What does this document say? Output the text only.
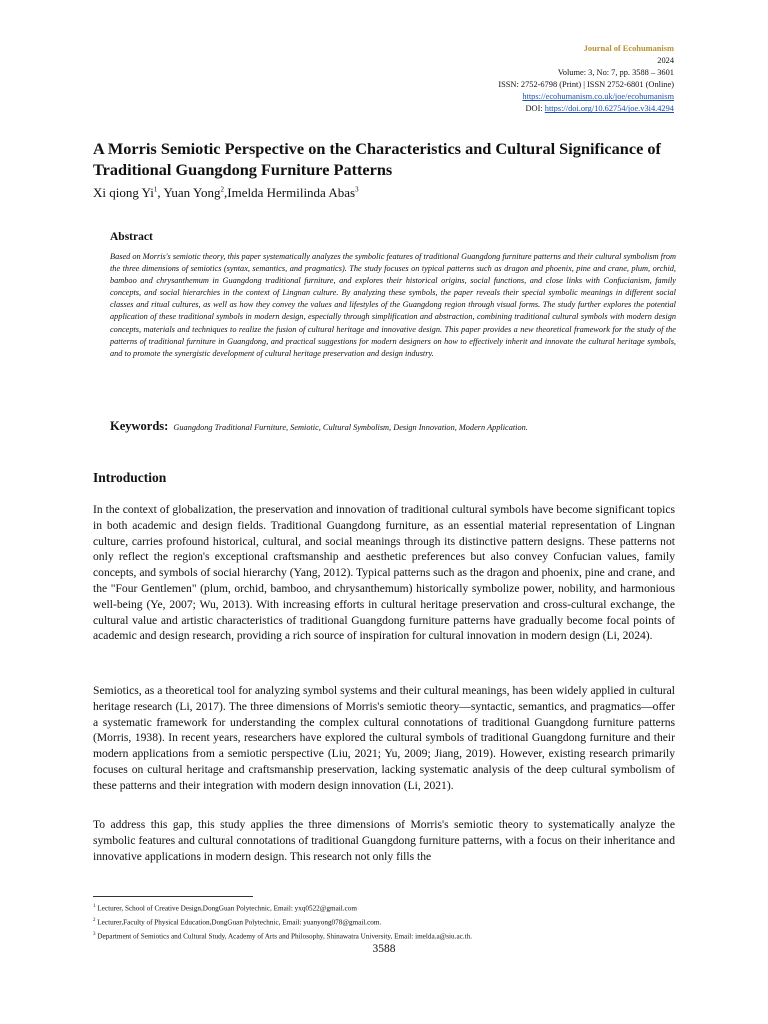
Journal of Ecohumanism
2024
Volume: 3, No: 7, pp. 3588 – 3601
ISSN: 2752-6798 (Print) | ISSN 2752-6801 (Online)
https://ecohumanism.co.uk/joe/ecohumanism
DOI: https://doi.org/10.62754/joe.v3i4.4294
A Morris Semiotic Perspective on the Characteristics and Cultural Significance of Traditional Guangdong Furniture Patterns
Xi qiong Yi$^1$, Yuan Yong$^2$,Imelda Hermilinda Abas$^3$
Abstract

Based on Morris's semiotic theory, this paper systematically analyzes the symbolic features of traditional Guangdong furniture patterns and their cultural symbolism from the three dimensions of semiotics (syntax, semantics, and pragmatics). The study focuses on typical patterns such as dragon and phoenix, pine and crane, plum, orchid, bamboo and chrysanthemum in Guangdong traditional furniture, and explores their historical origins, social functions, and close links with Confucianism, family concepts, and social hierarchies in the context of Lingnan culture. By analyzing these symbols, the paper reveals their special symbolic meanings in different social classes and ritual cultures, as well as how they convey the values and lifestyles of the Guangdong region through visual forms. The study further explores the potential application of these traditional symbols in modern design, especially through simplification and abstraction, combining traditional cultural symbols with modern design concepts, materials and techniques to realize the fusion of cultural heritage and innovative design. This paper provides a new theoretical framework for the study of the patterns of traditional furniture in Guangdong, and practical suggestions for modern designers on how to effectively inherit and innovate the cultural heritage symbols, and to promote the synergistic development of cultural heritage preservation and design industry.

Keywords: Guangdong Traditional Furniture, Semiotic, Cultural Symbolism, Design Innovation, Modern Application.
Introduction

In the context of globalization, the preservation and innovation of traditional cultural symbols have become significant topics in both academic and design fields. Traditional Guangdong furniture, as an essential material representation of Lingnan culture, carries profound historical, cultural, and social meanings through its distinctive pattern designs. These patterns not only reflect the region's exceptional craftsmanship and aesthetic preferences but also convey Confucian values, family concepts, and symbols of social hierarchy (Yang, 2012). Typical patterns such as the dragon and phoenix, pine and crane, and the "Four Gentlemen" (plum, orchid, bamboo, and chrysanthemum) historically symbolize power, nobility, and harmonious well-being (Ye, 2007; Wu, 2013). With increasing efforts in cultural heritage preservation and cross-cultural exchange, the cultural value and artistic characteristics of traditional Guangdong furniture patterns have gradually become focal points of academic and design research, providing a rich source of inspiration for cultural innovation in modern design (Li, 2024).

Semiotics, as a theoretical tool for analyzing symbol systems and their cultural meanings, has been widely applied in cultural heritage research (Li, 2017). The three dimensions of Morris's semiotic theory—syntactic, semantics, and pragmatics—offer a systematic framework for understanding the complex cultural connotations of traditional Guangdong furniture patterns (Morris, 1938). In recent years, researchers have explored the cultural symbols of traditional Guangdong furniture and their modern applications from a semiotic perspective (Liu, 2021; Yu, 2009; Jiang, 2019). However, existing research primarily focuses on cultural heritage and craftsmanship preservation, lacking systematic analysis of the deep cultural symbolism of these patterns and their integration with modern design innovation (Li, 2021).

To address this gap, this study applies the three dimensions of Morris's semiotic theory to systematically analyze the symbolic features and cultural connotations of traditional Guangdong furniture patterns, with a focus on their inheritance and innovative applications in modern design. This research not only fills the

$^1$ Lecturer, School of Creative Design,DongGuan Polytechnic, Email: yxq0522@gmail.com
$^2$ Lecturer,Faculty of Physical Education,DongGuan Polytechnic, Email: yuanyong078@gmail.com.
$^3$ Department of Semiotics and Cultural Study, Academy of Arts and Philosophy, Shinawatra University, Email: imelda.a@siu.ac.th.
3588
